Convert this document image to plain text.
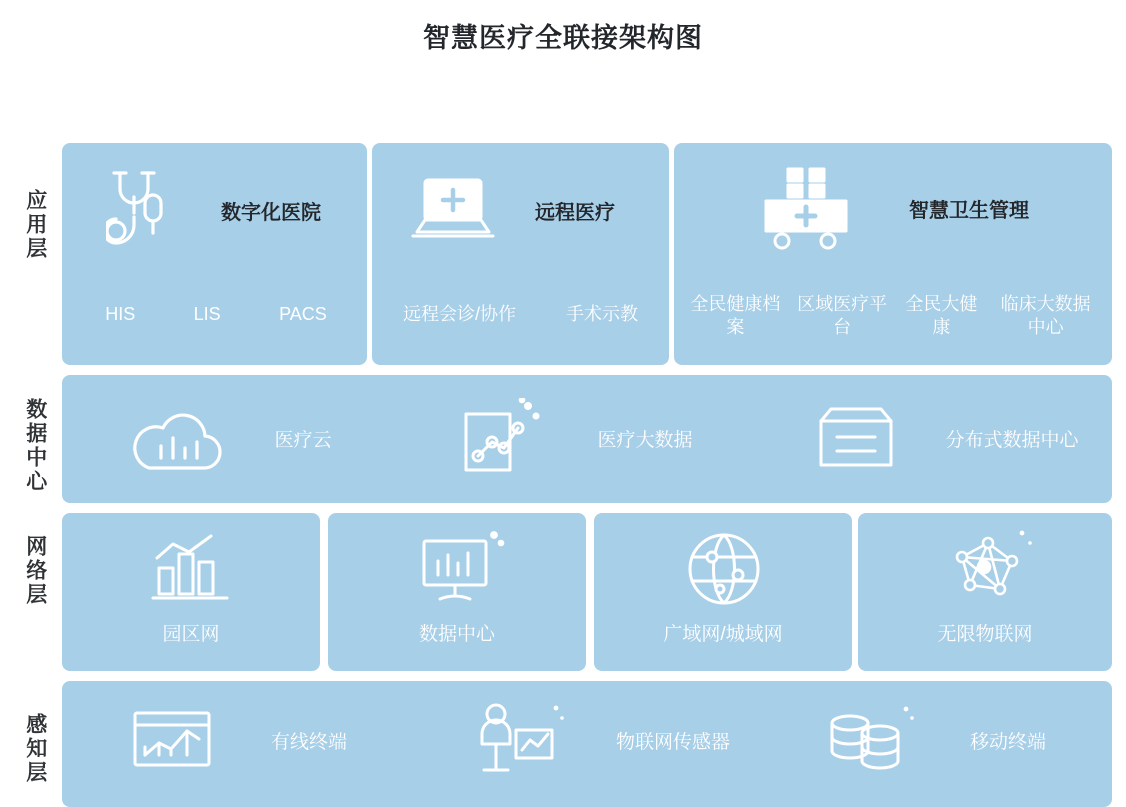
智慧医疗全联接架构图
应用层	数字化医院
HIS	LIS	PACS
远程医疗
远程会诊/协作	手术示教
智慧卫生管理
全民健康档案
区域医疗平台
全民大健康
临床大数据中心
数据中心	医疗云	医疗大数据	分布式数据中心
网络层
园区网	数据中心	广域网/城域网	无限物联网
感知层	有线终端	物联网传感器	移动终端
